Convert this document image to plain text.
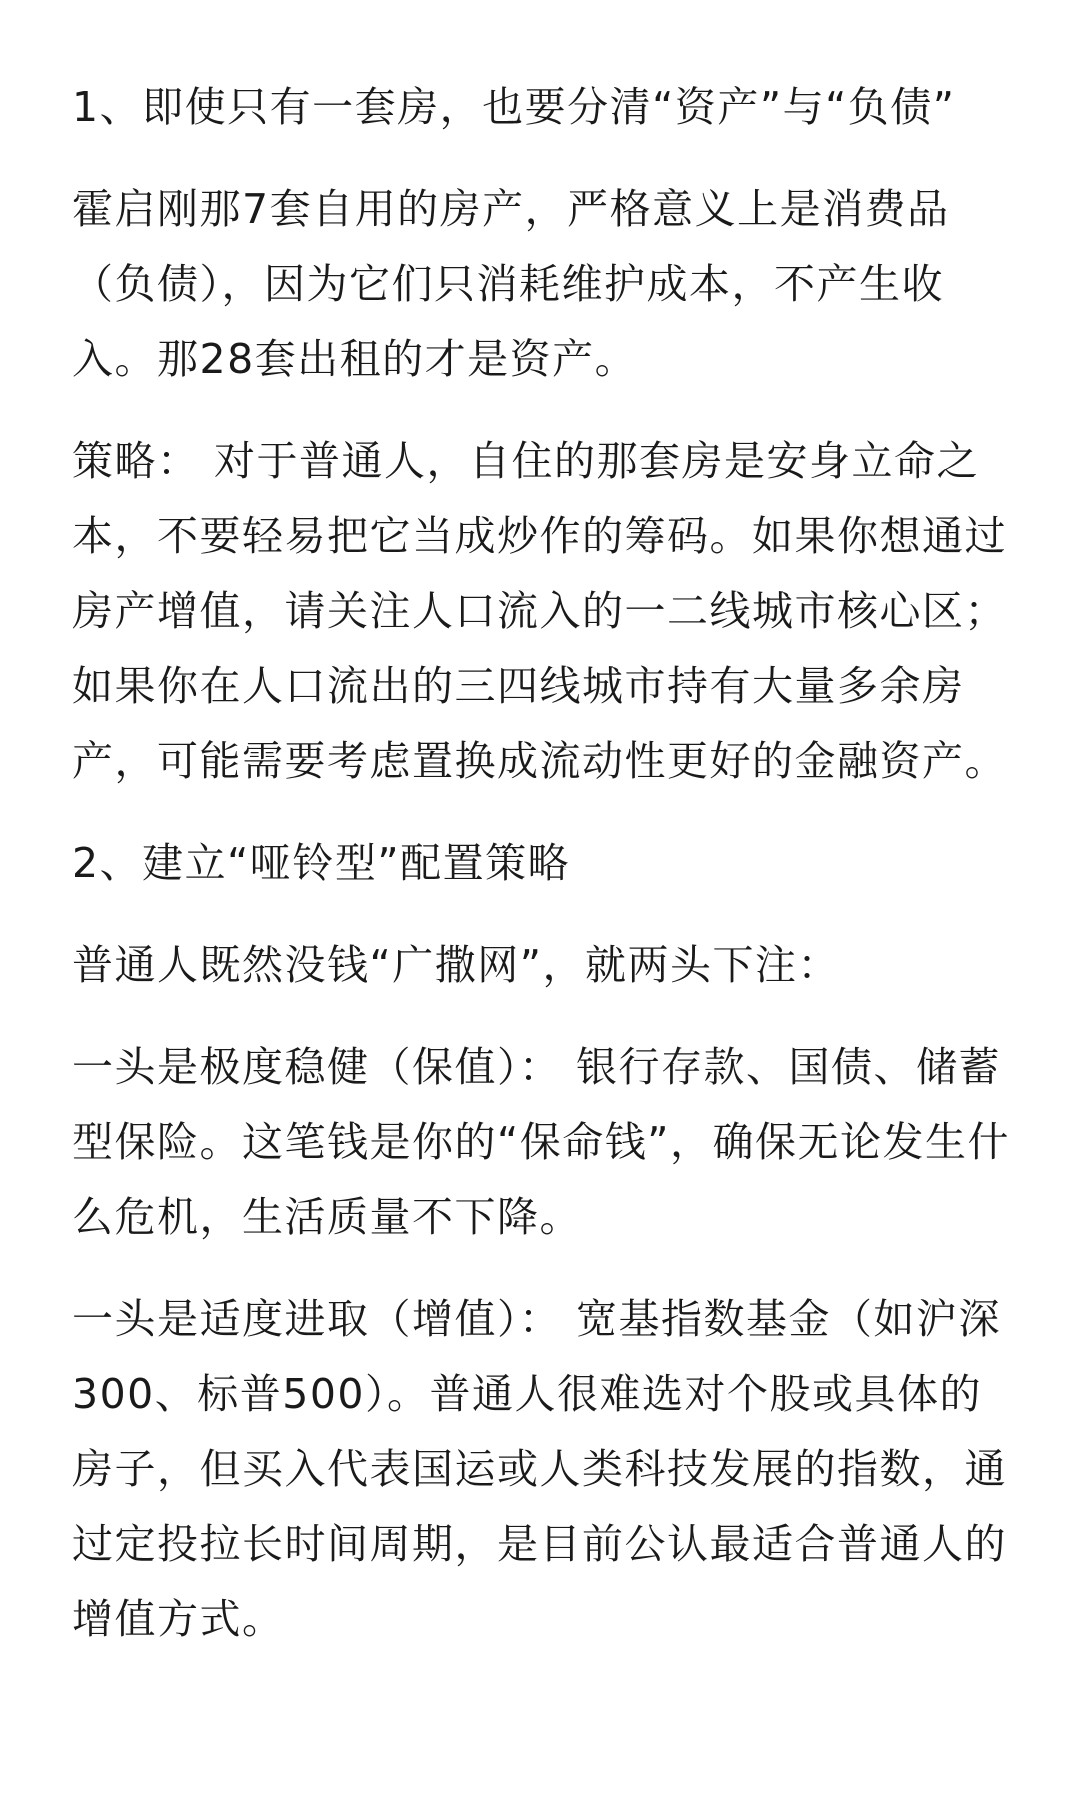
1、即使只有一套房，也要分清“资产”与“负债”

霍启刚那7套自用的房产，严格意义上是消费品（负债），因为它们只消耗维护成本，不产生收入。那28套出租的才是资产。

策略： 对于普通人，自住的那套房是安身立命之本，不要轻易把它当成炒作的筹码。如果你想通过房产增值，请关注人口流入的一二线城市核心区；如果你在人口流出的三四线城市持有大量多余房产，可能需要考虑置换成流动性更好的金融资产。

2、建立“哑铃型”配置策略

普通人既然没钱“广撒网”，就两头下注：

一头是极度稳健（保值）： 银行存款、国债、储蓄型保险。这笔钱是你的“保命钱”，确保无论发生什么危机，生活质量不下降。

一头是适度进取（增值）： 宽基指数基金（如沪深300、标普500）。普通人很难选对个股或具体的房子，但买入代表国运或人类科技发展的指数，通过定投拉长时间周期，是目前公认最适合普通人的增值方式。
